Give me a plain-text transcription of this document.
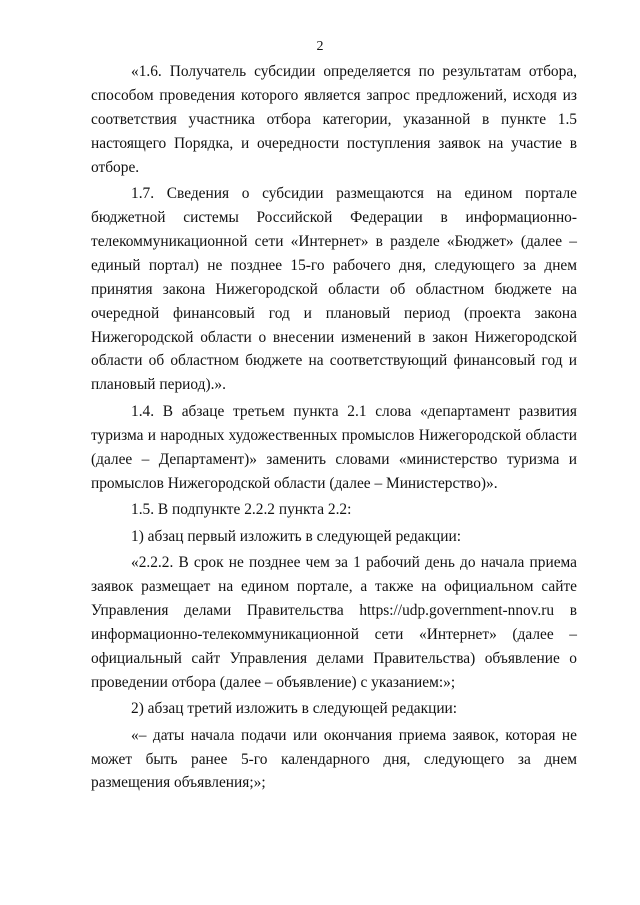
2

«1.6. Получатель субсидии определяется по результатам отбора, способом проведения которого является запрос предложений, исходя из соответствия участника отбора категории, указанной в пункте 1.5 настоящего Порядка, и очередности поступления заявок на участие в отборе.

1.7. Сведения о субсидии размещаются на едином портале бюджетной системы Российской Федерации в информационно-телекоммуникационной сети «Интернет» в разделе «Бюджет» (далее – единый портал) не позднее 15-го рабочего дня, следующего за днем принятия закона Нижегородской области об областном бюджете на очередной финансовый год и плановый период (проекта закона Нижегородской области о внесении изменений в закон Нижегородской области об областном бюджете на соответствующий финансовый год и плановый период).».

1.4. В абзаце третьем пункта 2.1 слова «департамент развития туризма и народных художественных промыслов Нижегородской области (далее – Департамент)» заменить словами «министерство туризма и промыслов Нижегородской области (далее – Министерство)».

1.5. В подпункте 2.2.2 пункта 2.2:

1) абзац первый изложить в следующей редакции:

«2.2.2. В срок не позднее чем за 1 рабочий день до начала приема заявок размещает на едином портале, а также на официальном сайте Управления делами Правительства https://udp.government-nnov.ru в информационно-телекоммуникационной сети «Интернет» (далее – официальный сайт Управления делами Правительства) объявление о проведении отбора (далее – объявление) с указанием:»;

2) абзац третий изложить в следующей редакции:

«– даты начала подачи или окончания приема заявок, которая не может быть ранее 5-го календарного дня, следующего за днем размещения объявления;»;
